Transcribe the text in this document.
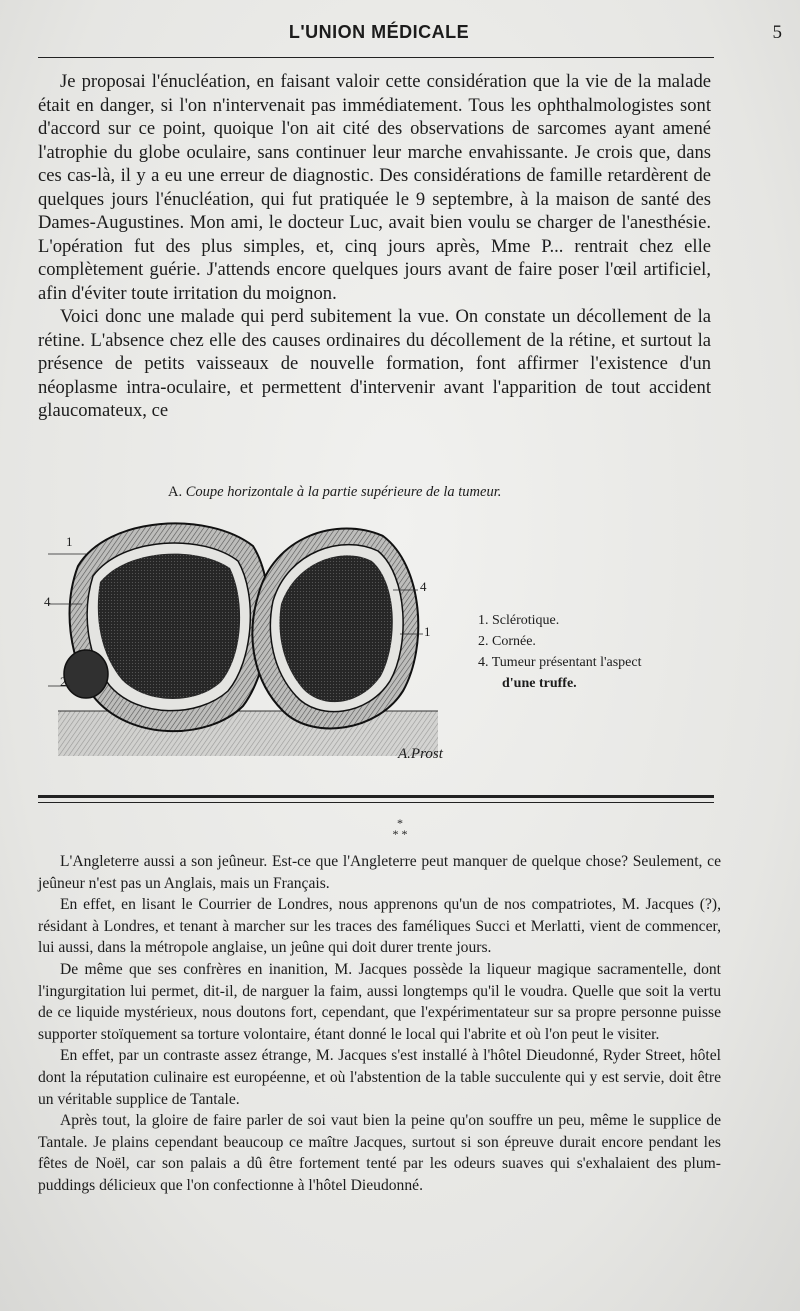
L'UNION MÉDICALE	5

Je proposai l'énucléation, en faisant valoir cette considération que la vie de la malade était en danger, si l'on n'intervenait pas immédiatement. Tous les ophthalmologistes sont d'accord sur ce point, quoique l'on ait cité des observations de sarcomes ayant amené l'atrophie du globe oculaire, sans continuer leur marche envahissante. Je crois que, dans ces cas-là, il y a eu une erreur de diagnostic. Des considérations de famille retardèrent de quelques jours l'énucléation, qui fut pratiquée le 9 septembre, à la maison de santé des Dames-Augustines. Mon ami, le docteur Luc, avait bien voulu se charger de l'anesthésie. L'opération fut des plus simples, et, cinq jours après, Mme P... rentrait chez elle complètement guérie. J'attends encore quelques jours avant de faire poser l'œil artificiel, afin d'éviter toute irritation du moignon.

Voici donc une malade qui perd subitement la vue. On constate un décollement de la rétine. L'absence chez elle des causes ordinaires du décollement de la rétine, et surtout la présence de petits vaisseaux de nouvelle formation, font affirmer l'existence d'un néoplasme intra-oculaire, et permettent d'intervenir avant l'apparition de tout accident glaucomateux, ce

A. Coupe horizontale à la partie supérieure de la tumeur.
1
4
2
4
1
1. Sclérotique.
2. Cornée.
4. Tumeur présentant l'aspect
d'une truffe.
A.Prost
*
* *

L'Angleterre aussi a son jeûneur. Est-ce que l'Angleterre peut manquer de quelque chose? Seulement, ce jeûneur n'est pas un Anglais, mais un Français.

En effet, en lisant le Courrier de Londres, nous apprenons qu'un de nos compatriotes, M. Jacques (?), résidant à Londres, et tenant à marcher sur les traces des faméliques Succi et Merlatti, vient de commencer, lui aussi, dans la métropole anglaise, un jeûne qui doit durer trente jours.

De même que ses confrères en inanition, M. Jacques possède la liqueur magique sacramentelle, dont l'ingurgitation lui permet, dit-il, de narguer la faim, aussi longtemps qu'il le voudra. Quelle que soit la vertu de ce liquide mystérieux, nous doutons fort, cependant, que l'expérimentateur sur sa propre personne puisse supporter stoïquement sa torture volontaire, étant donné le local qui l'abrite et où l'on peut le visiter.

En effet, par un contraste assez étrange, M. Jacques s'est installé à l'hôtel Dieudonné, Ryder Street, hôtel dont la réputation culinaire est européenne, et où l'abstention de la table succulente qui y est servie, doit être un véritable supplice de Tantale.

Après tout, la gloire de faire parler de soi vaut bien la peine qu'on souffre un peu, même le supplice de Tantale. Je plains cependant beaucoup ce maître Jacques, surtout si son épreuve durait encore pendant les fêtes de Noël, car son palais a dû être fortement tenté par les odeurs suaves qui s'exhalaient des plum-puddings délicieux que l'on confectionne à l'hôtel Dieudonné.
